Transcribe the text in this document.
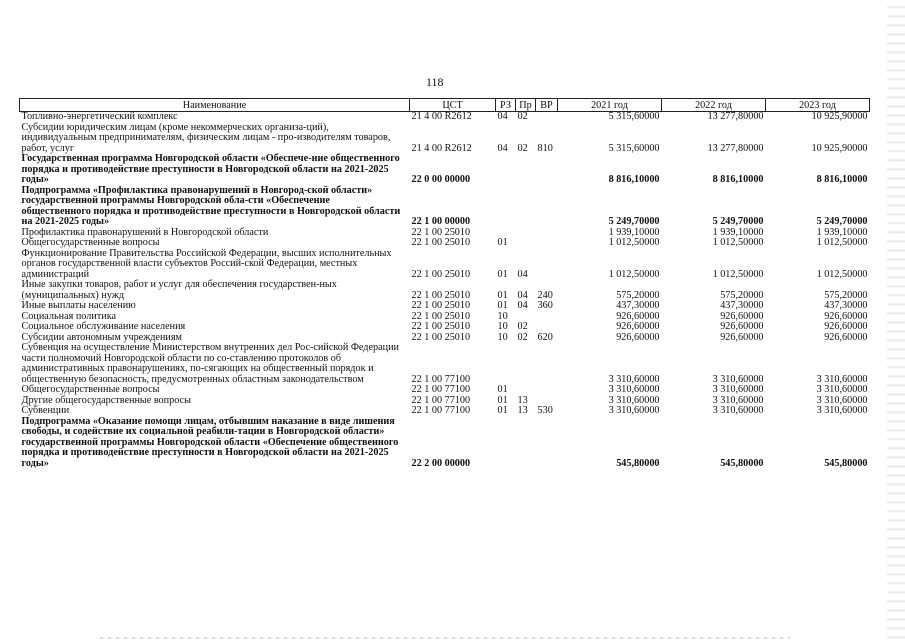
118
Наименование	ЦСТ	РЗ	Пр	ВР	2021 год	2022 год	2023 год
Топливно-энергетический комплекс	21 4 00 R2612	04	02		5 315,60000	13 277,80000	10 925,90000
Субсидии юридическим лицам (кроме некоммерческих организа-ций), индивидуальным предпринимателям, физическим лицам - про-изводителям товаров, работ, услуг	21 4 00 R2612	04	02	810	5 315,60000	13 277,80000	10 925,90000
Государственная программа Новгородской области «Обеспече-ние общественного порядка и противодействие преступности в Новгородской области на 2021-2025 годы»	22 0 00 00000				8 816,10000	8 816,10000	8 816,10000
Подпрограмма «Профилактика правонарушений в Новгород-ской области» государственной программы Новгородской обла-сти «Обеспечение общественного порядка и противодействие преступности в Новгородской области на 2021-2025 годы»	22 1 00 00000				5 249,70000	5 249,70000	5 249,70000
Профилактика правонарушений в Новгородской области	22 1 00 25010				1 939,10000	1 939,10000	1 939,10000
Общегосударственные вопросы	22 1 00 25010	01			1 012,50000	1 012,50000	1 012,50000
Функционирование Правительства Российской Федерации, высших исполнительных органов государственной власти субъектов Россий-ской Федерации, местных администраций	22 1 00 25010	01	04		1 012,50000	1 012,50000	1 012,50000
Иные закупки товаров, работ и услуг для обеспечения государствен-ных (муниципальных) нужд	22 1 00 25010	01	04	240	575,20000	575,20000	575,20000
Иные выплаты населению	22 1 00 25010	01	04	360	437,30000	437,30000	437,30000
Социальная политика	22 1 00 25010	10			926,60000	926,60000	926,60000
Социальное обслуживание населения	22 1 00 25010	10	02		926,60000	926,60000	926,60000
Субсидии автономным учреждениям	22 1 00 25010	10	02	620	926,60000	926,60000	926,60000
Субвенция на осуществление Министерством внутренних дел Рос-сийской Федерации части полномочий Новгородской области по со-ставлению протоколов об административных правонарушениях, по-сягающих на общественный порядок и общественную безопасность, предусмотренных областным законодательством	22 1 00 77100				3 310,60000	3 310,60000	3 310,60000
Общегосударственные вопросы	22 1 00 77100	01			3 310,60000	3 310,60000	3 310,60000
Другие общегосударственные вопросы	22 1 00 77100	01	13		3 310,60000	3 310,60000	3 310,60000
Субвенции	22 1 00 77100	01	13	530	3 310,60000	3 310,60000	3 310,60000
Подпрограмма «Оказание помощи лицам, отбывшим наказание в виде лишения свободы, и содействие их социальной реабили-тации в Новгородской области» государственной программы Новгородской области «Обеспечение общественного порядка и противодействие преступности в Новгородской области на 2021-2025 годы»	22 2 00 00000				545,80000	545,80000	545,80000
